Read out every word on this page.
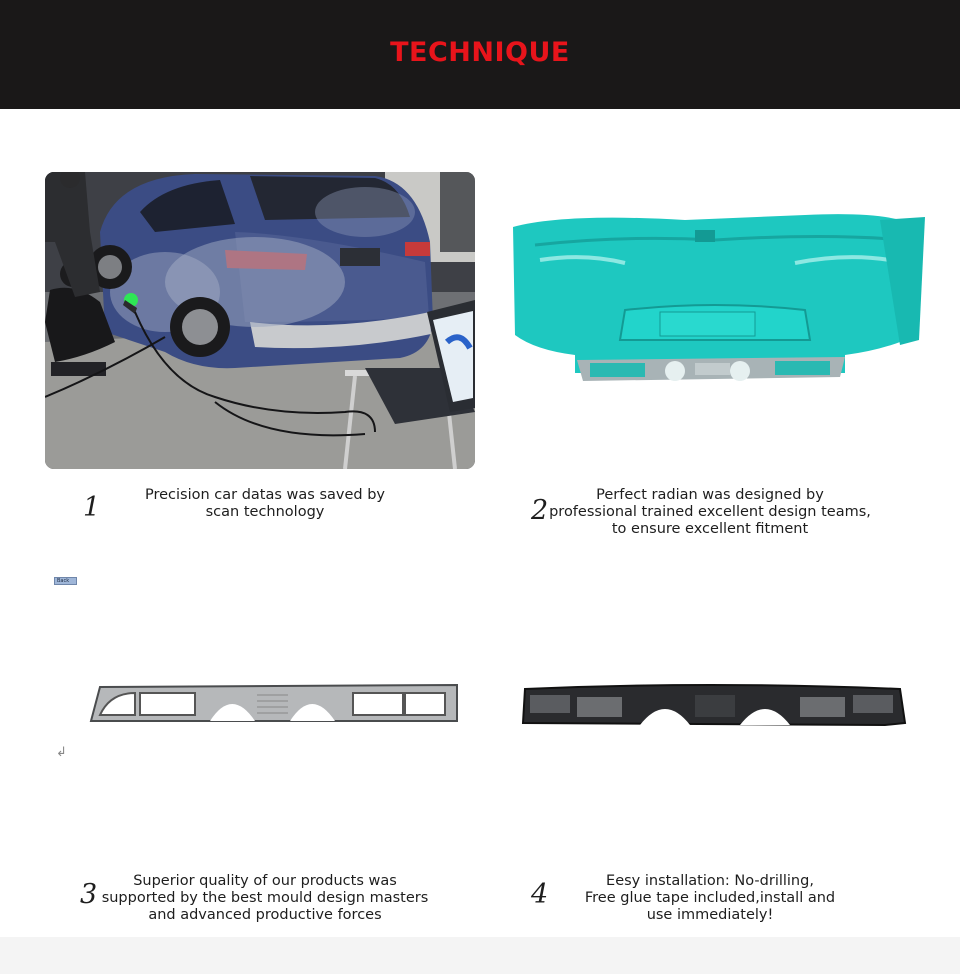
TECHNIQUE
1	Precision car datas was saved by
scan technology	2	Perfect radian was designed by
professional trained excellent design teams,
to ensure excellent fitment
Back
↲
3	Superior quality of our products was
supported by the best mould design masters
and advanced productive forces
4	Eesy installation: No-drilling,
Free glue tape included,install and
use immediately!
